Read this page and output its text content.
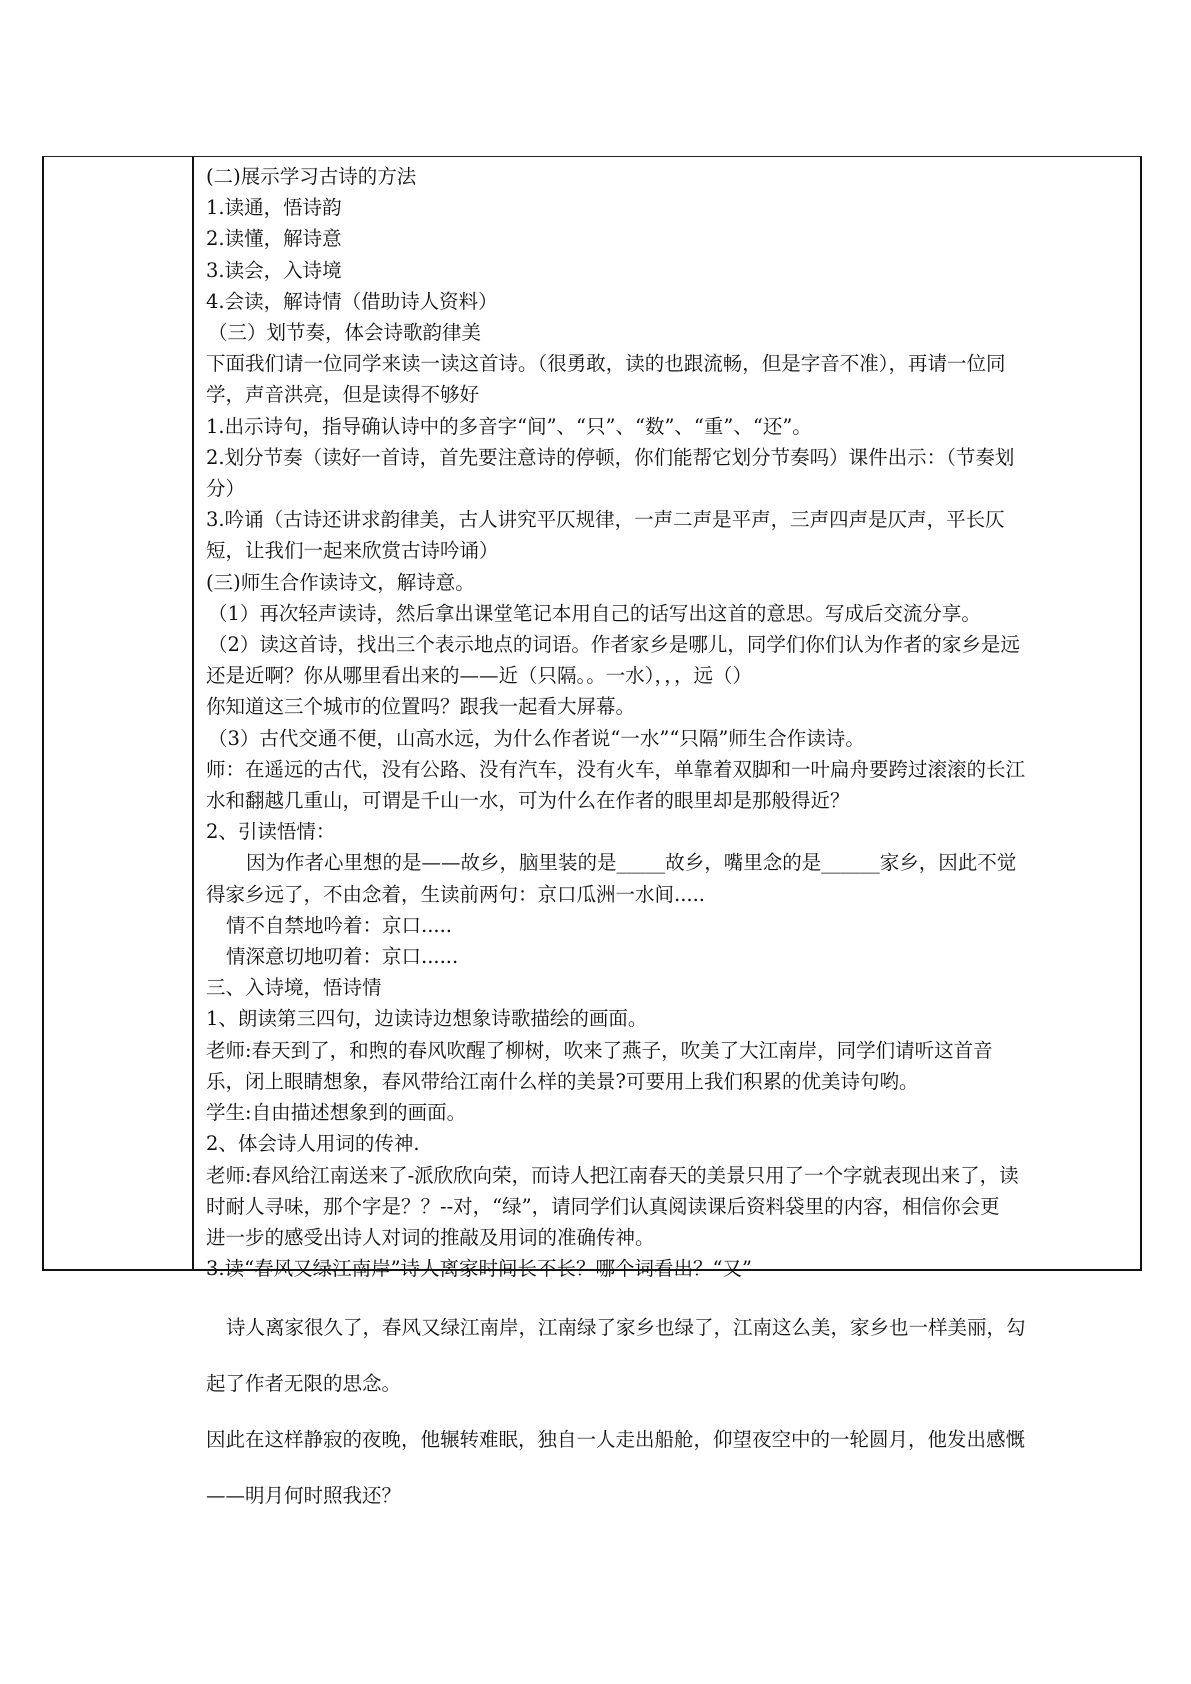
(二)展示学习古诗的方法

1.读通，悟诗韵

2.读懂，解诗意

3.读会，入诗境

4.会读，解诗情（借助诗人资料）

（三）划节奏，体会诗歌韵律美

下面我们请一位同学来读一读这首诗。（很勇敢，读的也跟流畅，但是字音不准），再请一位同

学，声音洪亮，但是读得不够好

1.出示诗句，指导确认诗中的多音字“间”、“只”、“数”、“重”、“还”。

2.划分节奏（读好一首诗，首先要注意诗的停顿，你们能帮它划分节奏吗）课件出示：（节奏划

分）

3.吟诵（古诗还讲求韵律美，古人讲究平仄规律，一声二声是平声，三声四声是仄声，平长仄

短，让我们一起来欣赏古诗吟诵）

(三)师生合作读诗文，解诗意。

（1）再次轻声读诗，然后拿出课堂笔记本用自己的话写出这首的意思。写成后交流分享。

（2）读这首诗，找出三个表示地点的词语。作者家乡是哪儿，同学们你们认为作者的家乡是远

还是近啊？你从哪里看出来的——近（只隔。。一水），，，远（）

你知道这三个城市的位置吗？跟我一起看大屏幕。

（3）古代交通不便，山高水远，为什么作者说“一水”“只隔”师生合作读诗。

师：在遥远的古代，没有公路、没有汽车，没有火车，单靠着双脚和一叶扁舟要跨过滚滚的长江

水和翻越几重山，可谓是千山一水，可为什么在作者的眼里却是那般得近？

2、引读悟情：

因为作者心里想的是——故乡，脑里装的是_____故乡，嘴里念的是______家乡，因此不觉

得家乡远了，不由念着，生读前两句：京口瓜洲一水间.....

情不自禁地吟着：京口.....

情深意切地叨着：京口......

三、入诗境，悟诗情

1、朗读第三四句，边读诗边想象诗歌描绘的画面。

老师:春天到了，和煦的春风吹醒了柳树，吹来了燕子，吹美了大江南岸，同学们请听这首音

乐，闭上眼睛想象，春风带给江南什么样的美景?可要用上我们积累的优美诗句哟。

学生:自由描述想象到的画面。

2、体会诗人用词的传神.

老师:春风给江南送来了-派欣欣向荣，而诗人把江南春天的美景只用了一个字就表现出来了，读

时耐人寻味，那个字是？？--对，“绿”，请同学们认真阅读课后资料袋里的内容，相信你会更

进一步的感受出诗人对词的推敲及用词的准确传神。

3.读“春风又绿江南岸”诗人离家时间长不长？哪个词看出？“又”

诗人离家很久了，春风又绿江南岸，江南绿了家乡也绿了，江南这么美，家乡也一样美丽，勾

起了作者无限的思念。

因此在这样静寂的夜晚，他辗转难眠，独自一人走出船舱，仰望夜空中的一轮圆月，他发出感慨

——明月何时照我还？
